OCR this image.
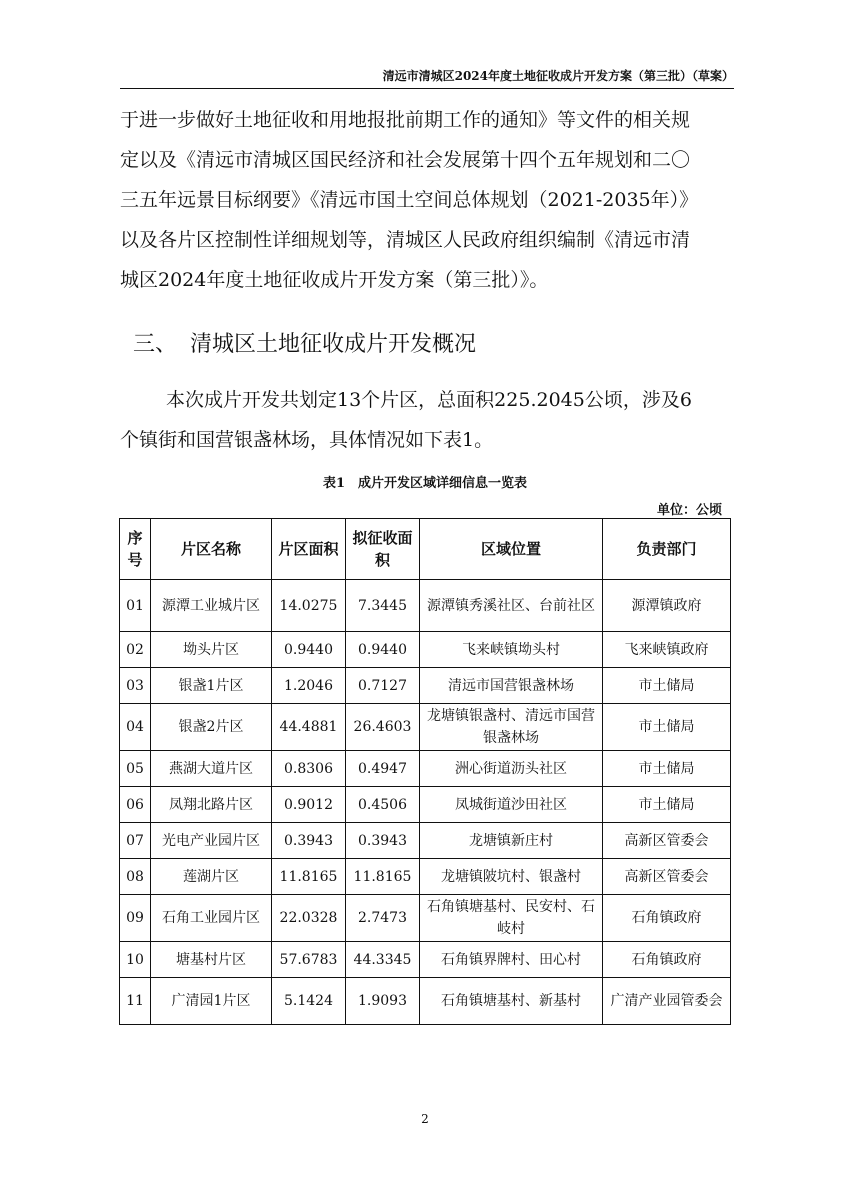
清远市清城区2024年度土地征收成片开发方案（第三批）（草案）

于进一步做好土地征收和用地报批前期工作的通知》等文件的相关规

定以及《清远市清城区国民经济和社会发展第十四个五年规划和二〇

三五年远景目标纲要》《清远市国土空间总体规划（2021-2035年）》

以及各片区控制性详细规划等，清城区人民政府组织编制《清远市清

城区2024年度土地征收成片开发方案（第三批）》。

三、 清城区土地征收成片开发概况

本次成片开发共划定13个片区，总面积225.2045公顷，涉及6

个镇街和国营银盏林场，具体情况如下表1。

表1　成片开发区域详细信息一览表
单位：公顷
序号	片区名称	片区面积	拟征收面积	区域位置	负责部门
01	源潭工业城片区	14.0275	7.3445	源潭镇秀溪社区、台前社区	源潭镇政府
02	坳头片区	0.9440	0.9440	飞来峡镇坳头村	飞来峡镇政府
03	银盏1片区	1.2046	0.7127	清远市国营银盏林场	市土储局
04	银盏2片区	44.4881	26.4603	龙塘镇银盏村、清远市国营银盏林场	市土储局
05	燕湖大道片区	0.8306	0.4947	洲心街道沥头社区	市土储局
06	凤翔北路片区	0.9012	0.4506	凤城街道沙田社区	市土储局
07	光电产业园片区	0.3943	0.3943	龙塘镇新庄村	高新区管委会
08	莲湖片区	11.8165	11.8165	龙塘镇陂坑村、银盏村	高新区管委会
09	石角工业园片区	22.0328	2.7473	石角镇塘基村、民安村、石岐村	石角镇政府
10	塘基村片区	57.6783	44.3345	石角镇界牌村、田心村	石角镇政府
11	广清园1片区	5.1424	1.9093	石角镇塘基村、新基村	广清产业园管委会
2
